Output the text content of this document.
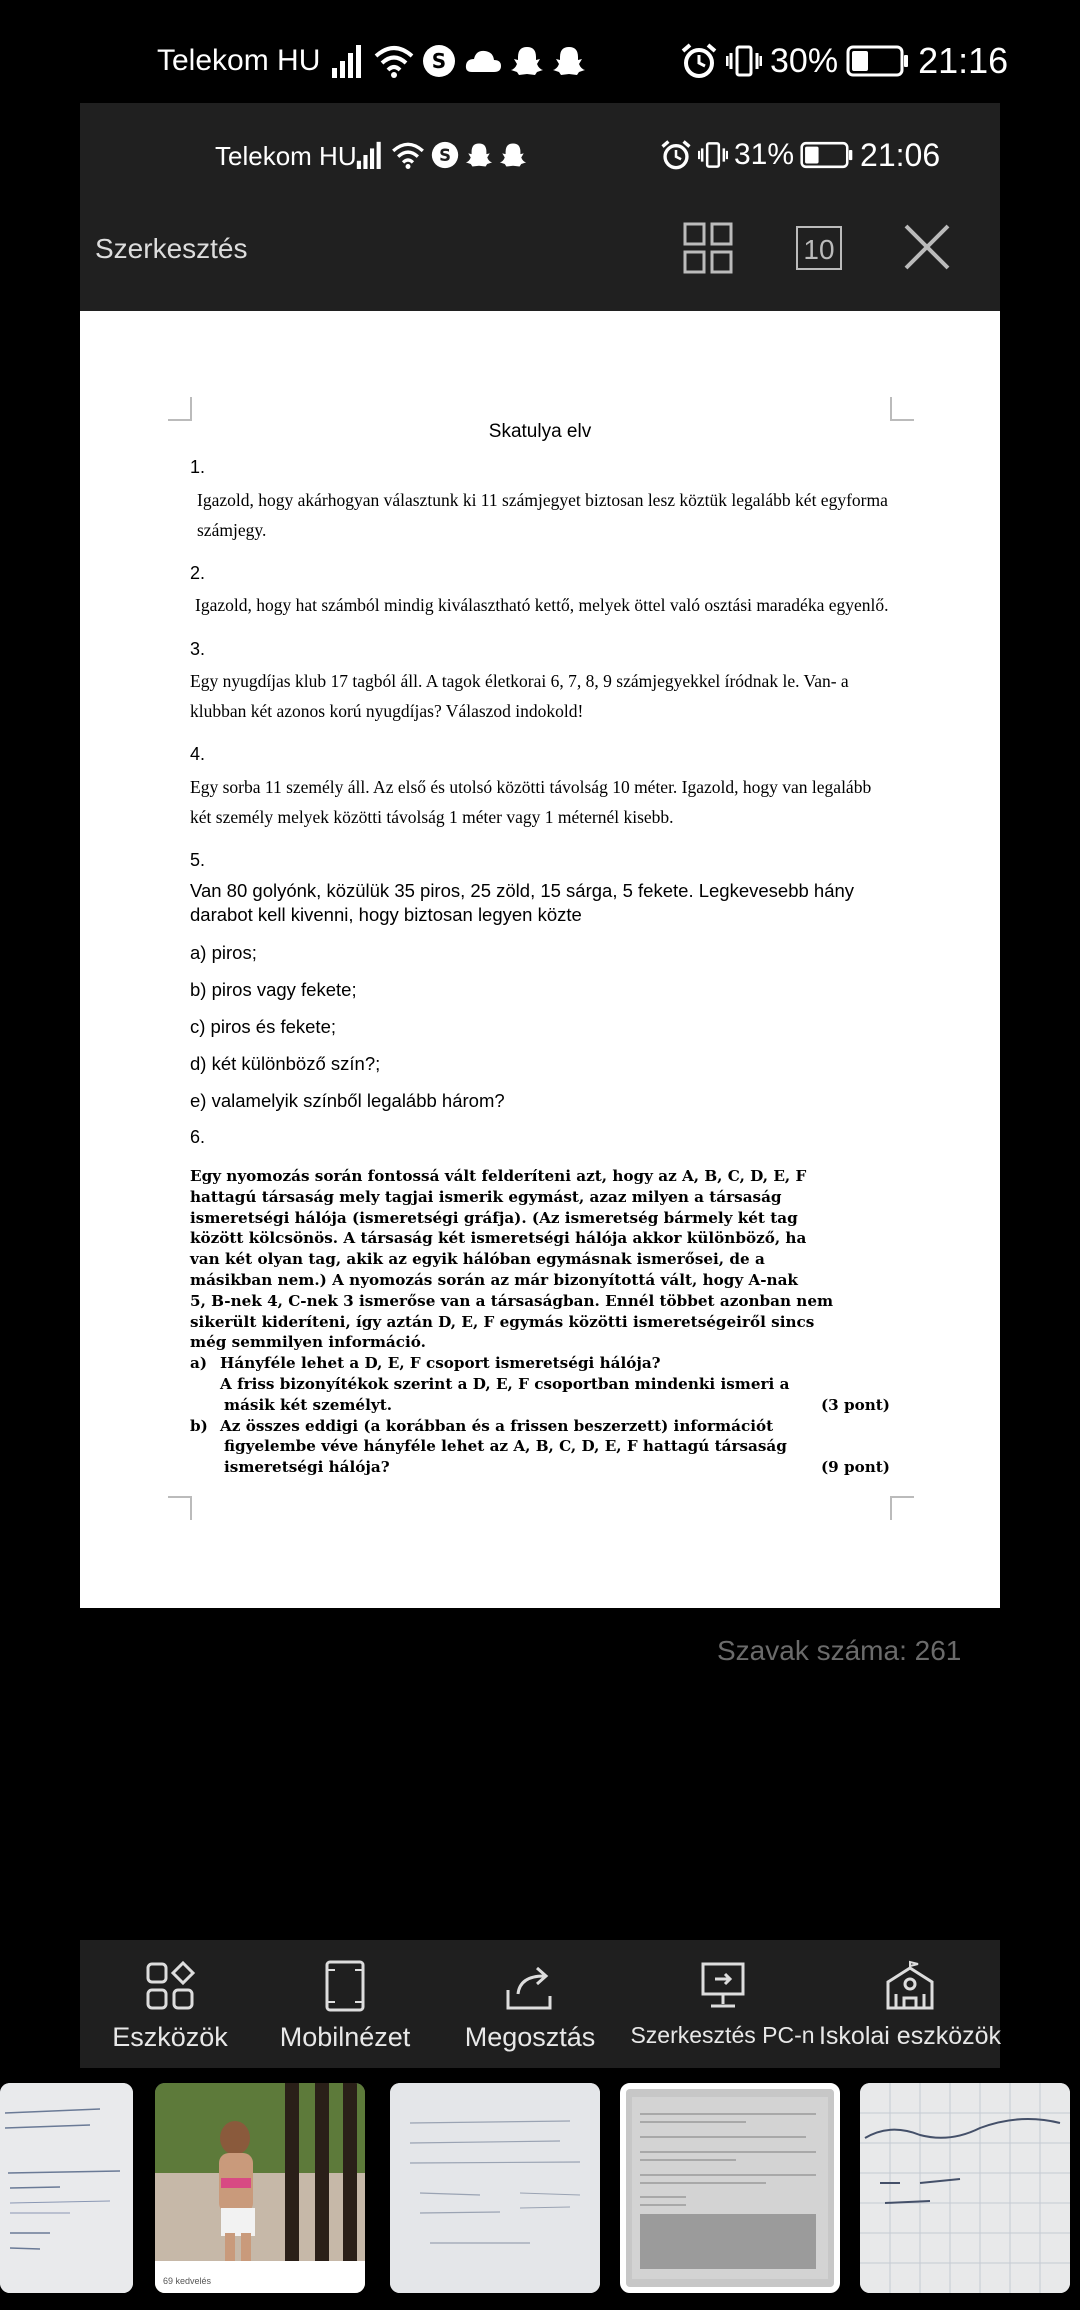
Telekom HU	S	30% 21:16
Telekom HU	S	31% 21:06
Szerkesztés	10
Skatulya elv
1.
Igazold, hogy akárhogyan választunk ki 11 számjegyet biztosan lesz köztük legalább két egyforma
számjegy.
2.
Igazold, hogy hat számból mindig kiválasztható kettő, melyek öttel való osztási maradéka egyenlő.
3.
Egy nyugdíjas klub 17 tagból áll. A tagok életkorai 6, 7, 8, 9 számjegyekkel íródnak le. Van- a
klubban két azonos korú nyugdíjas? Válaszod indokold!
4.
Egy sorba 11 személy áll. Az első és utolsó közötti távolság 10 méter. Igazold, hogy van legalább
két személy melyek közötti távolság 1 méter vagy 1 méternél kisebb.
5.
Van 80 golyónk, közülük 35 piros, 25 zöld, 15 sárga, 5 fekete. Legkevesebb hány
darabot kell kivenni, hogy biztosan legyen közte
a) piros;
b) piros vagy fekete;
c) piros és fekete;
d) két különböző szín?;
e) valamelyik színből legalább három?
6.
Egy nyomozás során fontossá vált felderíteni azt, hogy az A, B, C, D, E, F
hattagú társaság mely tagjai ismerik egymást, azaz milyen a társaság
ismeretségi hálója (ismeretségi gráfja). (Az ismeretség bármely két tag
között kölcsönös. A társaság két ismeretségi hálója akkor különböző, ha
van két olyan tag, akik az egyik hálóban egymásnak ismerősei, de a
másikban nem.) A nyomozás során az már bizonyítottá vált, hogy A-nak
5, B-nek 4, C-nek 3 ismerőse van a társaságban. Ennél többet azonban nem
sikerült kideríteni, így aztán D, E, F egymás közötti ismeretségeiről sincs
még semmilyen információ.
a) Hányféle lehet a D, E, F csoport ismeretségi hálója?
A friss bizonyítékok szerint a D, E, F csoportban mindenki ismeri a
másik két személyt.	(3 pont)
b) Az összes eddigi (a korábban és a frissen beszerzett) információt
figyelembe véve hányféle lehet az A, B, C, D, E, F hattagú társaság
ismeretségi hálója?	(9 pont)
Szavak száma: 261
Eszközök Mobilnézet Megosztás Szerkesztés PC-n Iskolai eszközök
69 kedvelés
